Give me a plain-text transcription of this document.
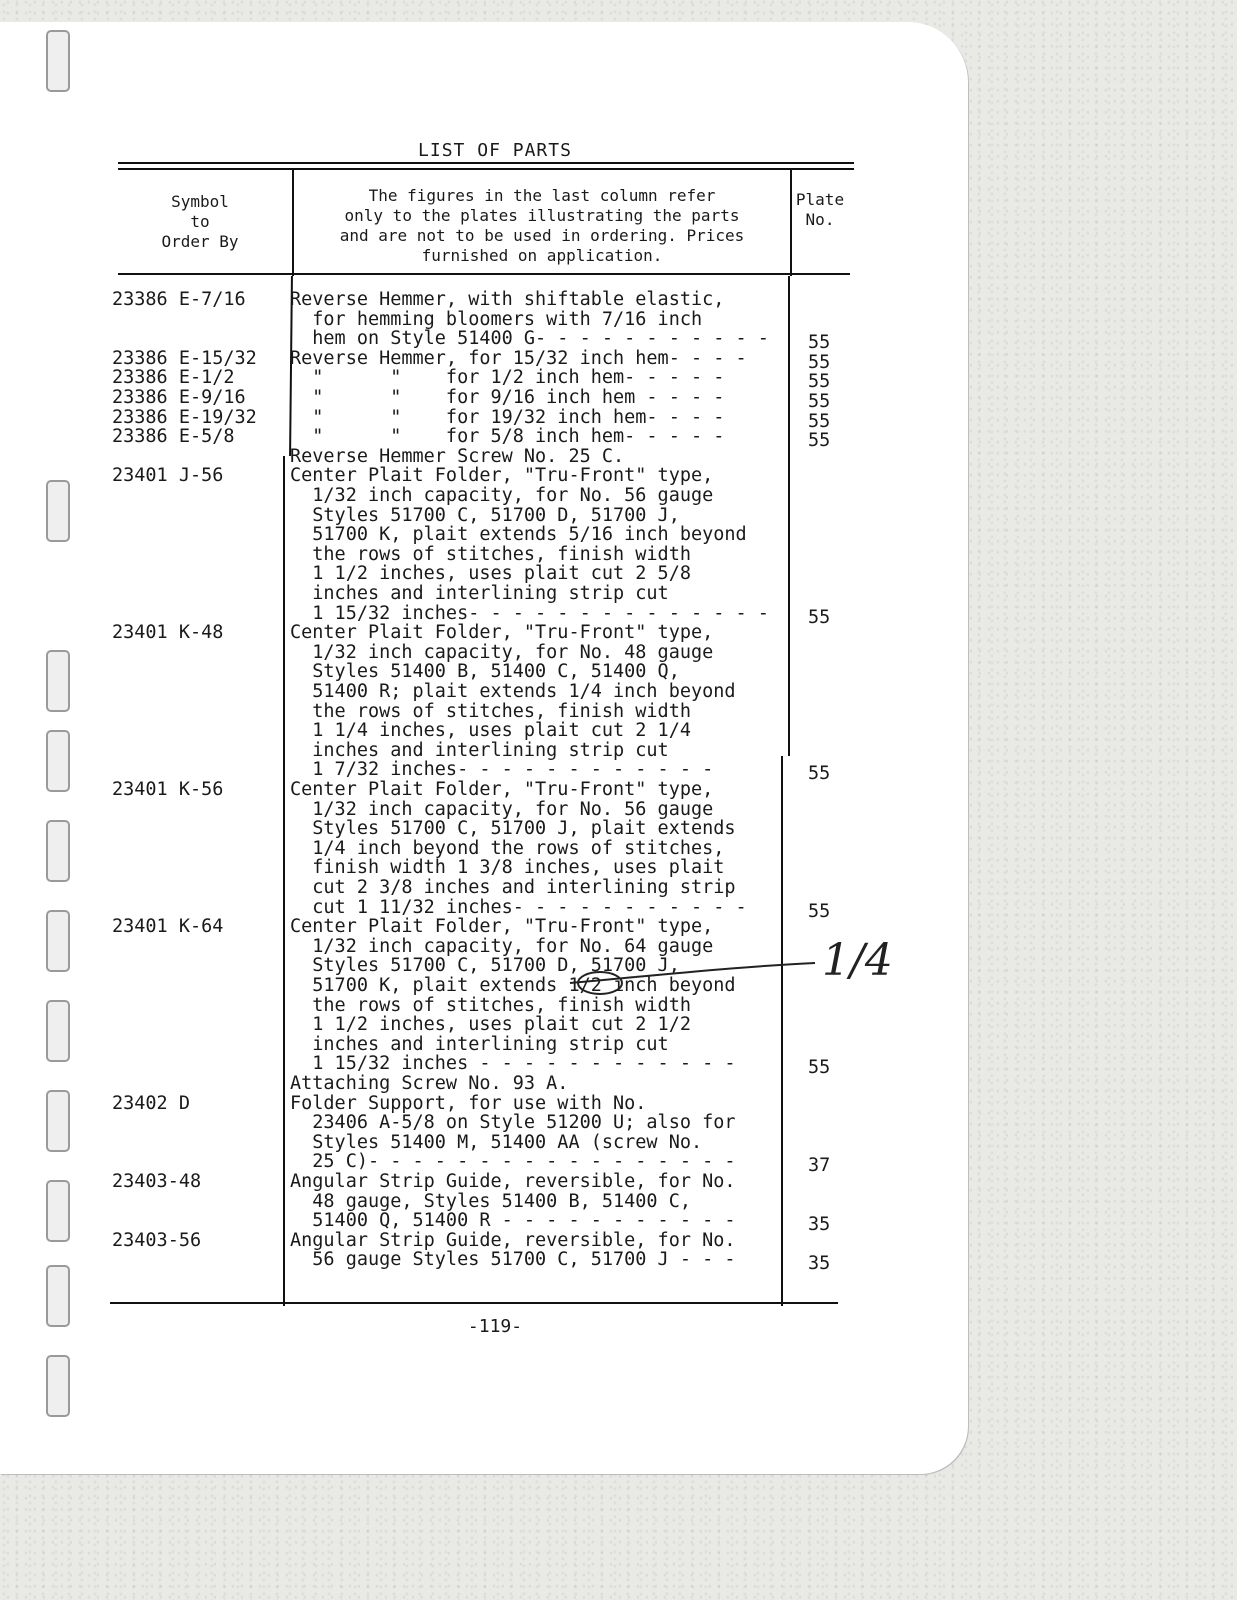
LIST OF PARTS
Symbol
to
Order By
The figures in the last column refer
only to the plates illustrating the parts
and are not to be used in ordering. Prices
furnished on application.
Plate
No.
23386 E-7/16
23386 E-15/32
23386 E-1/2
23386 E-9/16
23386 E-19/32
23386 E-5/8
23401 J-56
23401 K-48
23401 K-56
23401 K-64
23402 D
23403-48
23403-56
Reverse Hemmer, with shiftable elastic,
for hemming bloomers with 7/16 inch
hem on Style 51400 G- - - - - - - - - - -
Reverse Hemmer, for 15/32 inch hem- - - -
"      "    for 1/2 inch hem- - - - -
"      "    for 9/16 inch hem - - - -
"      "    for 19/32 inch hem- - - -
"      "    for 5/8 inch hem- - - - -
Reverse Hemmer Screw No. 25 C.
Center Plait Folder, "Tru-Front" type,
1/32 inch capacity, for No. 56 gauge
Styles 51700 C, 51700 D, 51700 J,
51700 K, plait extends 5/16 inch beyond
the rows of stitches, finish width
1 1/2 inches, uses plait cut 2 5/8
inches and interlining strip cut
1 15/32 inches- - - - - - - - - - - - - -
Center Plait Folder, "Tru-Front" type,
1/32 inch capacity, for No. 48 gauge
Styles 51400 B, 51400 C, 51400 Q,
51400 R; plait extends 1/4 inch beyond
the rows of stitches, finish width
1 1/4 inches, uses plait cut 2 1/4
inches and interlining strip cut
1 7/32 inches- - - - - - - - - - - -
Center Plait Folder, "Tru-Front" type,
1/32 inch capacity, for No. 56 gauge
Styles 51700 C, 51700 J, plait extends
1/4 inch beyond the rows of stitches,
finish width 1 3/8 inches, uses plait
cut 2 3/8 inches and interlining strip
cut 1 11/32 inches- - - - - - - - - - -
Center Plait Folder, "Tru-Front" type,
1/32 inch capacity, for No. 64 gauge
Styles 51700 C, 51700 D, 51700 J,
51700 K, plait extends 1/2 inch beyond
the rows of stitches, finish width
1 1/2 inches, uses plait cut 2 1/2
inches and interlining strip cut
1 15/32 inches - - - - - - - - - - - -
Attaching Screw No. 93 A.
Folder Support, for use with No.
23406 A-5/8 on Style 51200 U; also for
Styles 51400 M, 51400 AA (screw No.
25 C)- - - - - - - - - - - - - - - - -
Angular Strip Guide, reversible, for No.
48 gauge, Styles 51400 B, 51400 C,
51400 Q, 51400 R - - - - - - - - - - -
Angular Strip Guide, reversible, for No.
56 gauge Styles 51700 C, 51700 J - - -
55
55
55
55
55
55
55
55
55
55
37
35
35
1/4
-119-
